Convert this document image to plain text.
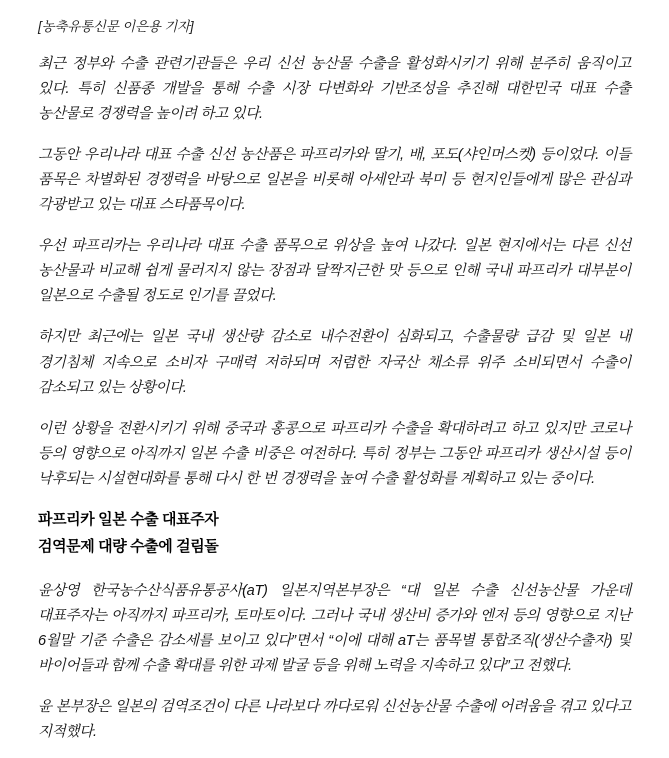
[농축유통신문 이은용 기자]

최근 정부와 수출 관련기관들은 우리 신선 농산물 수출을 활성화시키기 위해 분주히 움직이고 있다. 특히 신품종 개발을 통해 수출 시장 다변화와 기반조성을 추진해 대한민국 대표 수출 농산물로 경쟁력을 높이려 하고 있다.

그동안 우리나라 대표 수출 신선 농산품은 파프리카와 딸기, 배, 포도(샤인머스켓) 등이었다. 이들 품목은 차별화된 경쟁력을 바탕으로 일본을 비롯해 아세안과 북미 등 현지인들에게 많은 관심과 각광받고 있는 대표 스타품목이다.

우선 파프리카는 우리나라 대표 수출 품목으로 위상을 높여 나갔다. 일본 현지에서는 다른 신선 농산물과 비교해 쉽게 물러지지 않는 장점과 달짝지근한 맛 등으로 인해 국내 파프리카 대부분이 일본으로 수출될 정도로 인기를 끌었다.

하지만 최근에는 일본 국내 생산량 감소로 내수전환이 심화되고, 수출물량 급감 및 일본 내 경기침체 지속으로 소비자 구매력 저하되며 저렴한 자국산 채소류 위주 소비되면서 수출이 감소되고 있는 상황이다.

이런 상황을 전환시키기 위해 중국과 홍콩으로 파프리카 수출을 확대하려고 하고 있지만 코로나 등의 영향으로 아직까지 일본 수출 비중은 여전하다. 특히 정부는 그동안 파프리카 생산시설 등이 낙후되는 시설현대화를 통해 다시 한 번 경쟁력을 높여 수출 활성화를 계획하고 있는 중이다.

파프리카 일본 수출 대표주자

검역문제 대량 수출에 걸림돌

윤상영 한국농수산식품유통공사(aT) 일본지역본부장은 “대 일본 수출 신선농산물 가운데 대표주자는 아직까지 파프리카, 토마토이다. 그러나 국내 생산비 증가와 엔저 등의 영향으로 지난 6월말 기준 수출은 감소세를 보이고 있다”면서 “이에 대해 aT는 품목별 통합조직(생산수출자) 및 바이어들과 함께 수출 확대를 위한 과제 발굴 등을 위해 노력을 지속하고 있다”고 전했다.

윤 본부장은 일본의 검역조건이 다른 나라보다 까다로워 신선농산물 수출에 어려움을 겪고 있다고 지적했다.
